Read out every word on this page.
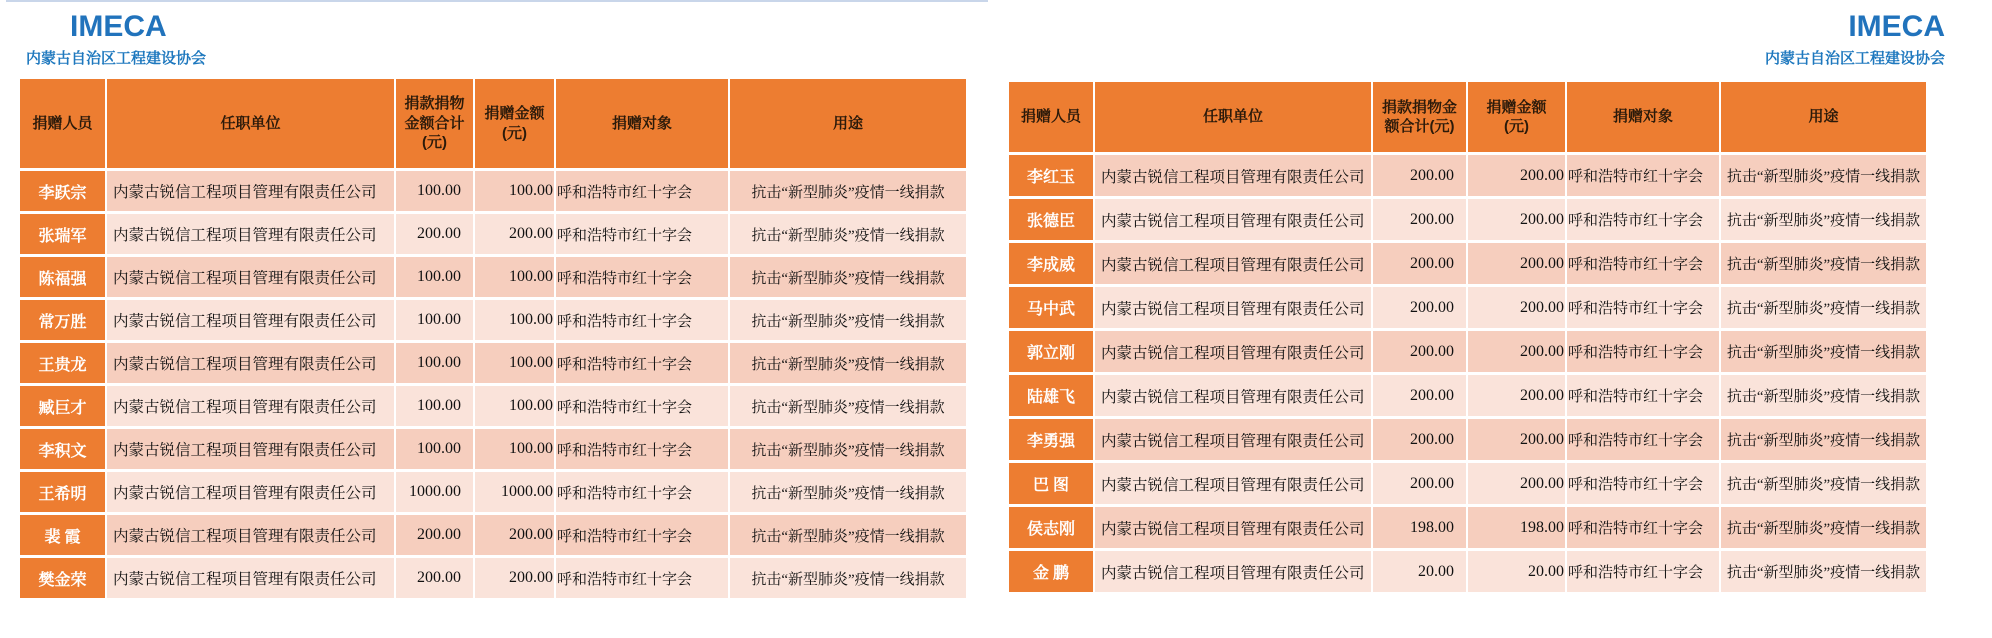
IMECA
内蒙古自治区工程建设协会
IMECA
内蒙古自治区工程建设协会
捐赠人员	任职单位	捐款捐物金额合计(元)	捐赠金额(元)	捐赠对象	用途
李跃宗	内蒙古锐信工程项目管理有限责任公司	100.00	100.00	呼和浩特市红十字会	抗击“新型肺炎”疫情一线捐款
张瑞军	内蒙古锐信工程项目管理有限责任公司	200.00	200.00	呼和浩特市红十字会	抗击“新型肺炎”疫情一线捐款
陈福强	内蒙古锐信工程项目管理有限责任公司	100.00	100.00	呼和浩特市红十字会	抗击“新型肺炎”疫情一线捐款
常万胜	内蒙古锐信工程项目管理有限责任公司	100.00	100.00	呼和浩特市红十字会	抗击“新型肺炎”疫情一线捐款
王贵龙	内蒙古锐信工程项目管理有限责任公司	100.00	100.00	呼和浩特市红十字会	抗击“新型肺炎”疫情一线捐款
臧巨才	内蒙古锐信工程项目管理有限责任公司	100.00	100.00	呼和浩特市红十字会	抗击“新型肺炎”疫情一线捐款
李积文	内蒙古锐信工程项目管理有限责任公司	100.00	100.00	呼和浩特市红十字会	抗击“新型肺炎”疫情一线捐款
王希明	内蒙古锐信工程项目管理有限责任公司	1000.00	1000.00	呼和浩特市红十字会	抗击“新型肺炎”疫情一线捐款
裴 霞	内蒙古锐信工程项目管理有限责任公司	200.00	200.00	呼和浩特市红十字会	抗击“新型肺炎”疫情一线捐款
樊金荣	内蒙古锐信工程项目管理有限责任公司	200.00	200.00	呼和浩特市红十字会	抗击“新型肺炎”疫情一线捐款
捐赠人员	任职单位	捐款捐物金额合计(元)	捐赠金额(元)	捐赠对象	用途
李红玉	内蒙古锐信工程项目管理有限责任公司	200.00	200.00	呼和浩特市红十字会	抗击“新型肺炎”疫情一线捐款
张德臣	内蒙古锐信工程项目管理有限责任公司	200.00	200.00	呼和浩特市红十字会	抗击“新型肺炎”疫情一线捐款
李成威	内蒙古锐信工程项目管理有限责任公司	200.00	200.00	呼和浩特市红十字会	抗击“新型肺炎”疫情一线捐款
马中武	内蒙古锐信工程项目管理有限责任公司	200.00	200.00	呼和浩特市红十字会	抗击“新型肺炎”疫情一线捐款
郭立刚	内蒙古锐信工程项目管理有限责任公司	200.00	200.00	呼和浩特市红十字会	抗击“新型肺炎”疫情一线捐款
陆雄飞	内蒙古锐信工程项目管理有限责任公司	200.00	200.00	呼和浩特市红十字会	抗击“新型肺炎”疫情一线捐款
李勇强	内蒙古锐信工程项目管理有限责任公司	200.00	200.00	呼和浩特市红十字会	抗击“新型肺炎”疫情一线捐款
巴 图	内蒙古锐信工程项目管理有限责任公司	200.00	200.00	呼和浩特市红十字会	抗击“新型肺炎”疫情一线捐款
侯志刚	内蒙古锐信工程项目管理有限责任公司	198.00	198.00	呼和浩特市红十字会	抗击“新型肺炎”疫情一线捐款
金 鹏	内蒙古锐信工程项目管理有限责任公司	20.00	20.00	呼和浩特市红十字会	抗击“新型肺炎”疫情一线捐款
